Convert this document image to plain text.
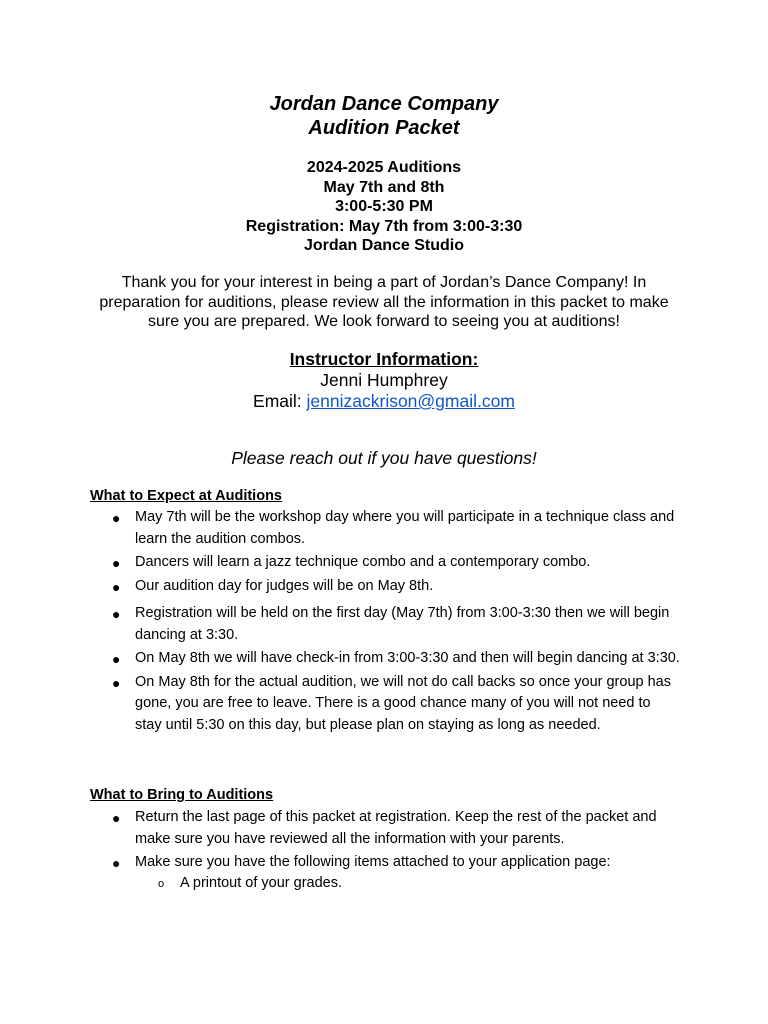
Jordan Dance Company
Audition Packet
2024-2025 Auditions
May 7th and 8th
3:00-5:30 PM
Registration: May 7th from 3:00-3:30
Jordan Dance Studio
Thank you for your interest in being a part of Jordan’s Dance Company! In preparation for auditions, please review all the information in this packet to make sure you are prepared. We look forward to seeing you at auditions!
Instructor Information:
Jenni Humphrey
Email: jennizackrison@gmail.com
Please reach out if you have questions!
What to Expect at Auditions
● May 7th will be the workshop day where you will participate in a technique class and learn the audition combos.
● Dancers will learn a jazz technique combo and a contemporary combo.
● Our audition day for judges will be on May 8th.
● Registration will be held on the first day (May 7th) from 3:00-3:30 then we will begin dancing at 3:30.
● On May 8th we will have check-in from 3:00-3:30 and then will begin dancing at 3:30.
● On May 8th for the actual audition, we will not do call backs so once your group has gone, you are free to leave. There is a good chance many of you will not need to stay until 5:30 on this day, but please plan on staying as long as needed.
What to Bring to Auditions
● Return the last page of this packet at registration. Keep the rest of the packet and make sure you have reviewed all the information with your parents.
● Make sure you have the following items attached to your application page:
o A printout of your grades.
